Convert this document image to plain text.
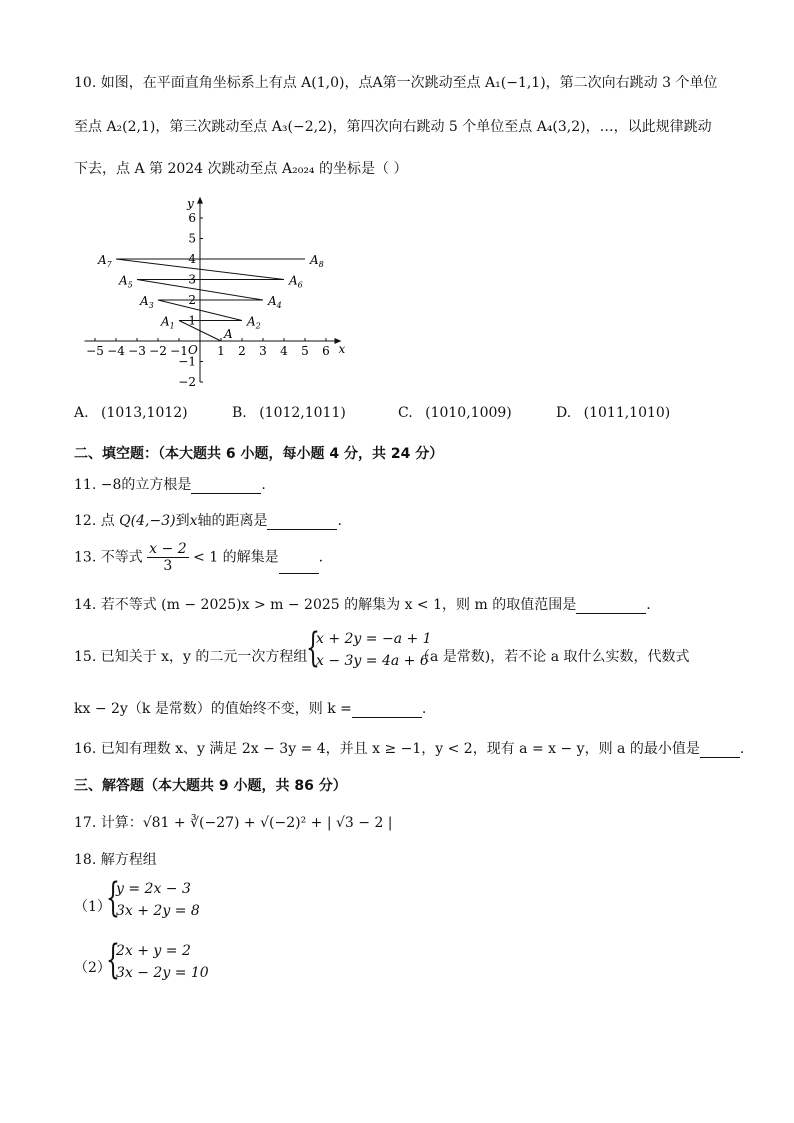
10. 如图，在平面直角坐标系上有点 A(1,0)，点A第一次跳动至点 A₁(−1,1)，第二次向右跳动 3 个单位
至点 A₂(2,1)，第三次跳动至点 A₃(−2,2)，第四次向右跳动 5 个单位至点 A₄(3,2)，…，以此规律跳动
下去，点 A 第 2024 次跳动至点 A₂₀₂₄ 的坐标是（ ）
x
y
O
−5 −4 −3 −2 −1 1 2 3 4 5 6
6
5
4
3
2
1
−1
−2
A
$A_1$	$A_2$
$A_3$	$A_4$
$A_5$	$A_6$
$A_7$	$A_8$
A. (1013,1012)	B. (1012,1011)	C. (1010,1009)	D. (1011,1010)
二、填空题：（本大题共 6 小题，每小题 4 分，共 24 分）
11. −8的立方根是	.
12. 点 Q(4,−3)到x轴的距离是	.
13. 不等式 $\frac{x - 2}{3} < 1$ 的解集是	.
14. 若不等式 (m − 2025)x > m − 2025 的解集为 x < 1，则 m 的取值范围是	.
15. 已知关于 x，y 的二元一次方程组
{
x + 2y = −a + 1
x − 3y = 4a + 6
（a 是常数)，若不论 a 取什么实数，代数式
kx − 2y（k 是常数）的值始终不变，则 k =	.
16. 已知有理数 x、y 满足 2x − 3y = 4，并且 x ≥ −1，y < 2，现有 a = x − y，则 a 的最小值是	.
三、解答题（本大题共 9 小题，共 86 分）
17. 计算：√81 + ∛(−27) + √(−2)² + | √3 − 2 |
18. 解方程组
（1）
{
y = 2x − 3
3x + 2y = 8
（2）
{
2x + y = 2
3x − 2y = 10
